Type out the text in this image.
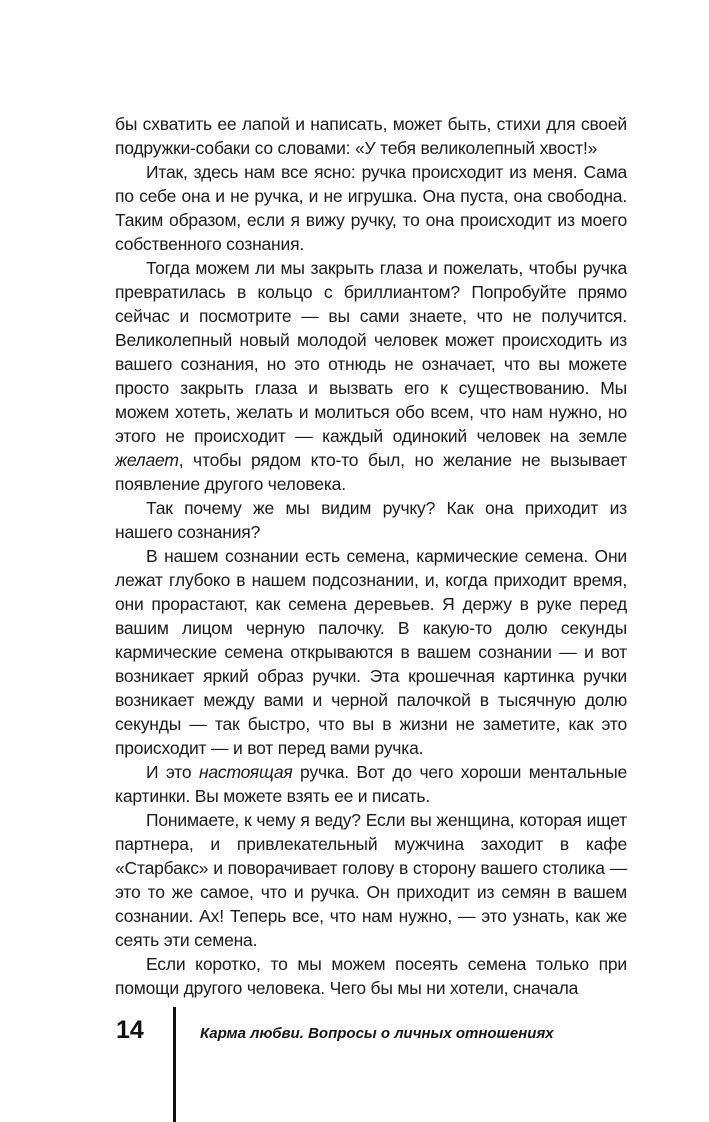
бы схватить ее лапой и написать, может быть, стихи для своей подружки-собаки со словами: «У тебя великолепный хвост!»

Итак, здесь нам все ясно: ручка происходит из меня. Сама по себе она и не ручка, и не игрушка. Она пуста, она свободна. Таким образом, если я вижу ручку, то она происходит из моего собственного сознания.

Тогда можем ли мы закрыть глаза и пожелать, чтобы ручка превратилась в кольцо с бриллиантом? Попробуйте прямо сейчас и посмотрите — вы сами знаете, что не получится. Великолепный новый молодой человек может происходить из вашего сознания, но это отнюдь не означает, что вы можете просто закрыть глаза и вызвать его к существованию. Мы можем хотеть, желать и молиться обо всем, что нам нужно, но этого не происходит — каждый одинокий человек на земле желает, чтобы рядом кто-то был, но желание не вызывает появление другого человека.

Так почему же мы видим ручку? Как она приходит из нашего сознания?

В нашем сознании есть семена, кармические семена. Они лежат глубоко в нашем подсознании, и, когда приходит время, они прорастают, как семена деревьев. Я держу в руке перед вашим лицом черную палочку. В какую-то долю секунды кармические семена открываются в вашем сознании — и вот возникает яркий образ ручки. Эта крошечная картинка ручки возникает между вами и черной палочкой в тысячную долю секунды — так быстро, что вы в жизни не заметите, как это происходит — и вот перед вами ручка.

И это настоящая ручка. Вот до чего хороши ментальные картинки. Вы можете взять ее и писать.

Понимаете, к чему я веду? Если вы женщина, которая ищет партнера, и привлекательный мужчина заходит в кафе «Старбакс» и поворачивает голову в сторону вашего столика — это то же самое, что и ручка. Он приходит из семян в вашем сознании. Ах! Теперь все, что нам нужно, — это узнать, как же сеять эти семена.

Если коротко, то мы можем посеять семена только при помощи другого человека. Чего бы мы ни хотели, сначала

14	Карма любви. Вопросы о личных отношениях
